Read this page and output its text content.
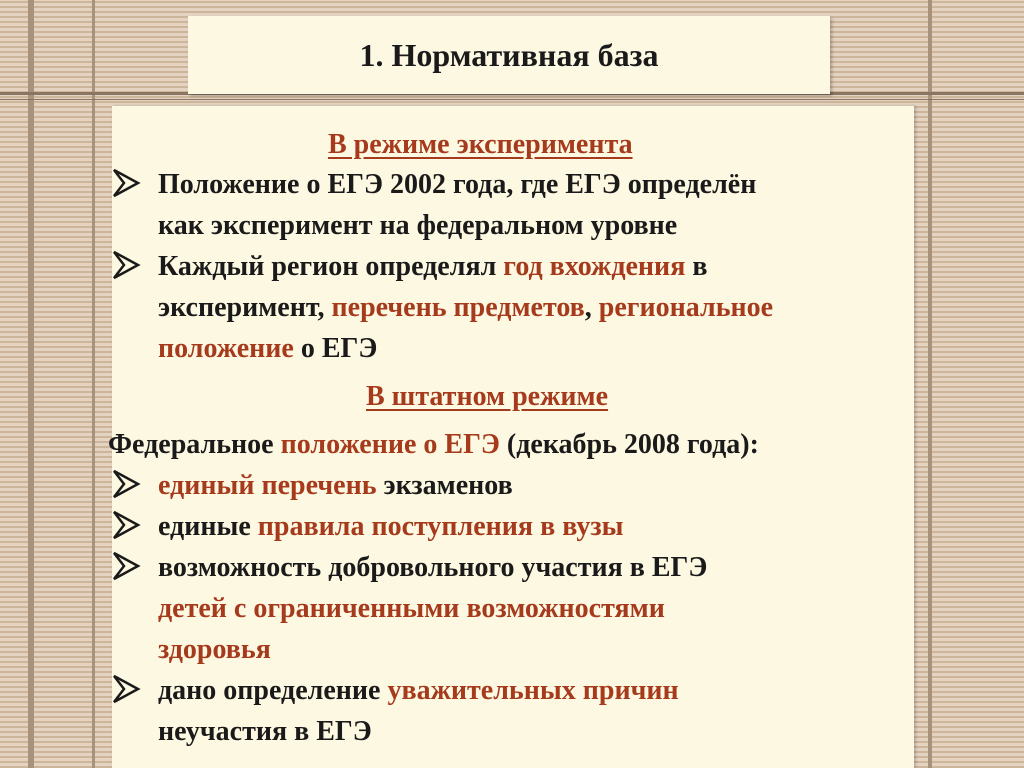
1. Нормативная база

В режиме эксперимента

Положение о ЕГЭ 2002 года, где ЕГЭ определён

как эксперимент на федеральном уровне

Каждый регион определял год вхождения в

эксперимент, перечень предметов, региональное

положение о ЕГЭ

В штатном режиме

Федеральное положение о ЕГЭ (декабрь 2008 года):

единый перечень экзаменов

единые правила поступления в вузы

возможность добровольного участия в ЕГЭ

детей с ограниченными возможностями

здоровья

дано определение уважительных причин

неучастия в ЕГЭ
